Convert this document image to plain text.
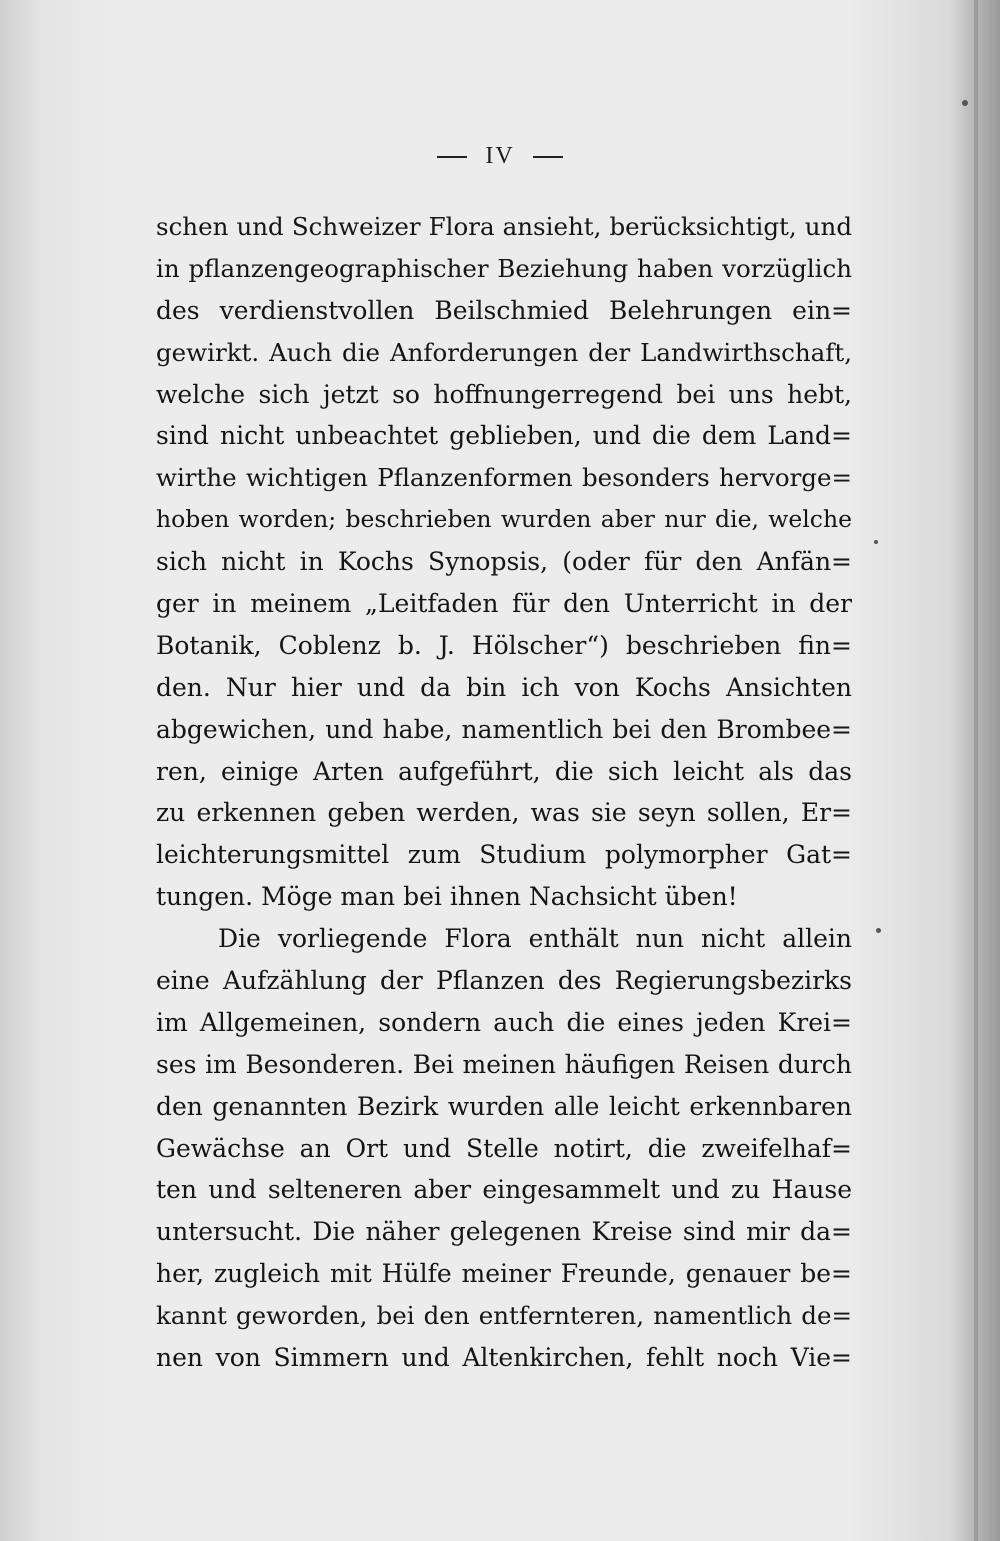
IV
schen und Schweizer Flora ansieht, berücksichtigt, und
in pflanzengeographischer Beziehung haben vorzüglich
des verdienstvollen Beilschmied Belehrungen ein=
gewirkt. Auch die Anforderungen der Landwirthschaft,
welche sich jetzt so hoffnungerregend bei uns hebt,
sind nicht unbeachtet geblieben, und die dem Land=
wirthe wichtigen Pflanzenformen besonders hervorge=
hoben worden; beschrieben wurden aber nur die, welche
sich nicht in Kochs Synopsis, (oder für den Anfän=
ger in meinem „Leitfaden für den Unterricht in der
Botanik, Coblenz b. J. Hölscher“) beschrieben fin=
den. Nur hier und da bin ich von Kochs Ansichten
abgewichen, und habe, namentlich bei den Brombee=
ren, einige Arten aufgeführt, die sich leicht als das
zu erkennen geben werden, was sie seyn sollen, Er=
leichterungsmittel zum Studium polymorpher Gat=
tungen. Möge man bei ihnen Nachsicht üben!
Die vorliegende Flora enthält nun nicht allein
eine Aufzählung der Pflanzen des Regierungsbezirks
im Allgemeinen, sondern auch die eines jeden Krei=
ses im Besonderen. Bei meinen häufigen Reisen durch
den genannten Bezirk wurden alle leicht erkennbaren
Gewächse an Ort und Stelle notirt, die zweifelhaf=
ten und selteneren aber eingesammelt und zu Hause
untersucht. Die näher gelegenen Kreise sind mir da=
her, zugleich mit Hülfe meiner Freunde, genauer be=
kannt geworden, bei den entfernteren, namentlich de=
nen von Simmern und Altenkirchen, fehlt noch Vie=
